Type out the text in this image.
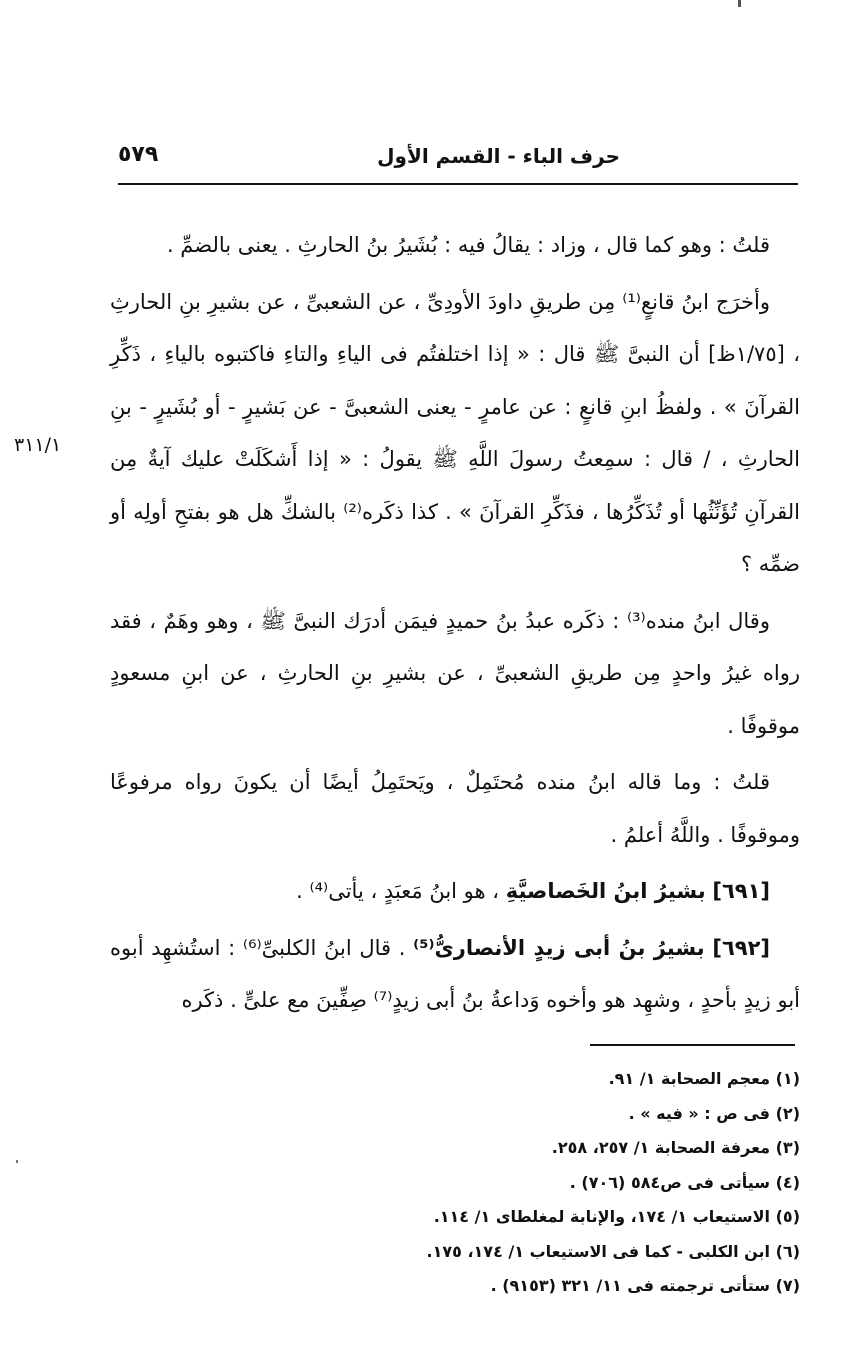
حرف الباء - القسم الأول
٥٧٩
٣١١/١

قلتُ : وهو كما قال ، وزاد : يقالُ فيه : بُشَيرُ بنُ الحارثِ . يعنى بالضمِّ .

وأخرَج ابنُ قانعٍ⁽¹⁾ مِن طريقِ داودَ الأودِىِّ ، عن الشعبىِّ ، عن بشيرِ بنِ الحارثِ ، [١/٧٥ظ] أن النبىَّ ﷺ قال : « إذا اختلفتُم فى الياءِ والتاءِ فاكتبوه بالياءِ ، ذَكِّرِ القرآنَ » . ولفظُ ابنِ قانعٍ : عن عامرٍ - يعنى الشعبىَّ - عن بَشيرٍ - أو بُشَيرٍ - بنِ الحارثِ ، / قال : سمِعتُ رسولَ اللَّهِ ﷺ يقولُ : « إذا أَشكَلَتْ عليك آيةٌ مِن القرآنِ تُؤَنِّثُها أو تُذَكِّرُها ، فذَكِّرِ القرآنَ » . كذا ذكَره⁽²⁾ بالشكِّ هل هو بفتحِ أولِه أو ضمِّه ؟

وقال ابنُ منده⁽³⁾ : ذكَره عبدُ بنُ حميدٍ فيمَن أدرَك النبىَّ ﷺ ، وهو وهَمٌ ، فقد رواه غيرُ واحدٍ مِن طريقِ الشعبىِّ ، عن بشيرِ بنِ الحارثِ ، عن ابنِ مسعودٍ موقوفًا .

قلتُ : وما قاله ابنُ منده مُحتَمِلٌ ، ويَحتَمِلُ أيضًا أن يكونَ رواه مرفوعًا وموقوفًا . واللَّهُ أعلمُ .

[٦٩١] بشيرُ ابنُ الخَصاصيَّةِ ، هو ابنُ مَعبَدٍ ، يأتى⁽⁴⁾ .

[٦٩٢] بشيرُ بنُ أبى زيدٍ الأنصارىُّ⁽⁵⁾ . قال ابنُ الكلبىِّ⁽⁶⁾ : استُشهِد أبوه أبو زيدٍ بأحدٍ ، وشهِد هو وأخوه وَداعةُ بنُ أبى زيدٍ⁽⁷⁾ صِفِّينَ مع علىٍّ . ذكَره

(١) معجم الصحابة ١/ ٩١.
(٢) فى ص : « فيه » .
(٣) معرفة الصحابة ١/ ٢٥٧، ٢٥٨.
(٤) سيأتى فى ص٥٨٤ (٧٠٦) .
(٥) الاستيعاب ١/ ١٧٤، والإنابة لمغلطاى ١/ ١١٤.
(٦) ابن الكلبى - كما فى الاستيعاب ١/ ١٧٤، ١٧٥.
(٧) ستأتى ترجمته فى ١١/ ٣٢١ (٩١٥٣) .
